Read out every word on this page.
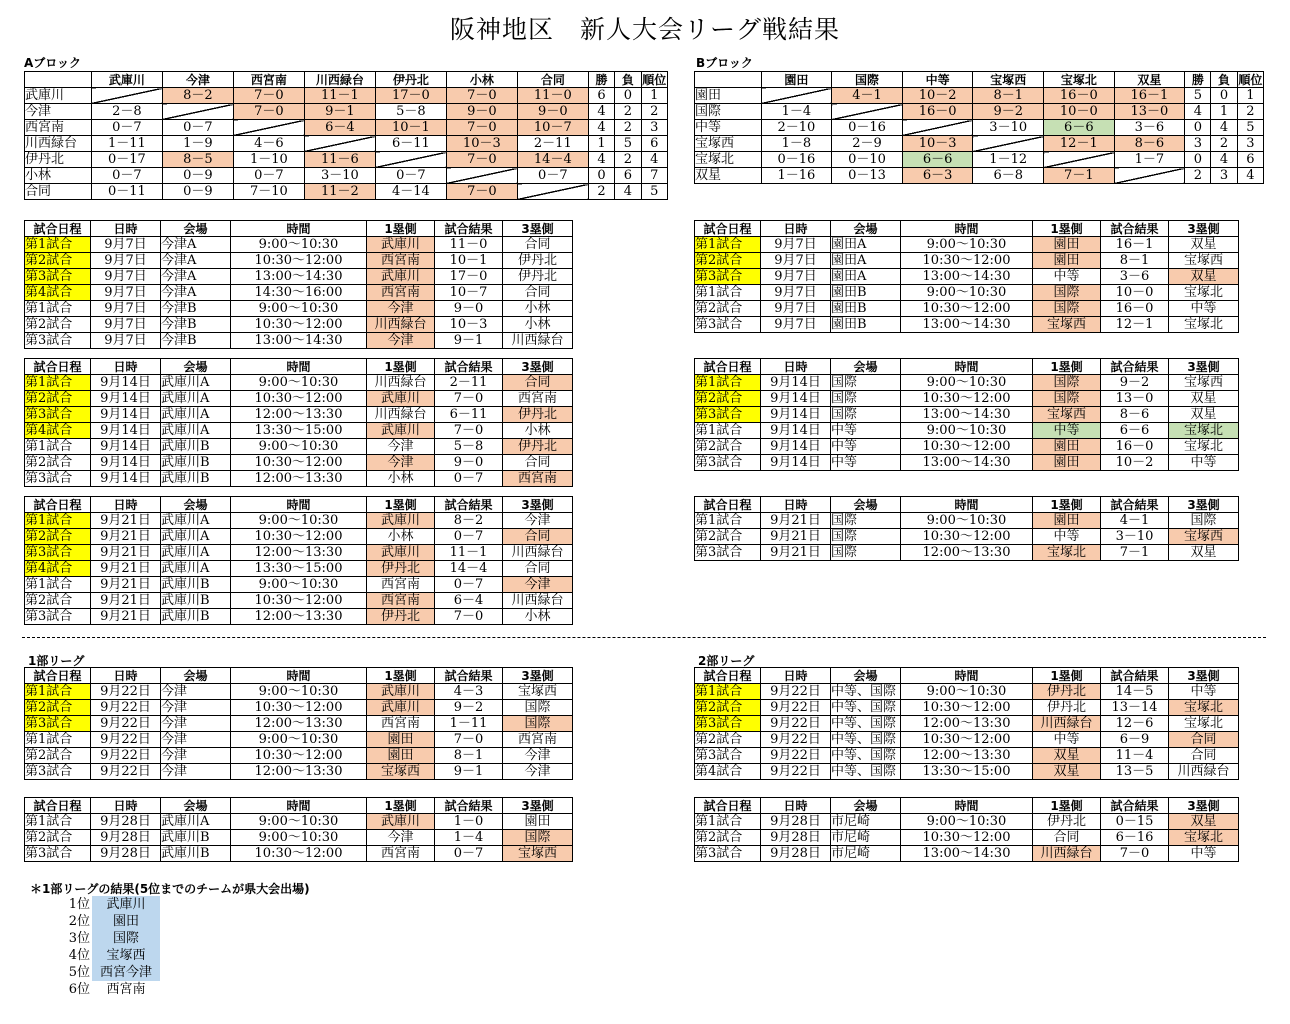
阪神地区　新人大会リーグ戦結果
Aブロック
	武庫川	今津	西宮南	川西緑台	伊丹北	小林	合同	勝	負	順位
武庫川		8－2	7－0	11－1	17－0	7－0	11－0	6	0	1
今津	2－8		7－0	9－1	5－8	9－0	9－0	4	2	2
西宮南	0－7	0－7		6－4	10－1	7－0	10－7	4	2	3
川西緑台	1－11	1－9	4－6		6－11	10－3	2－11	1	5	6
伊丹北	0－17	8－5	1－10	11－6		7－0	14－4	4	2	4
小林	0－7	0－9	0－7	3－10	0－7		0－7	0	6	7
合同	0－11	0－9	7－10	11－2	4－14	7－0		2	4	5
Bブロック
	園田	国際	中等	宝塚西	宝塚北	双星	勝	負	順位
園田		4－1	10－2	8－1	16－0	16－1	5	0	1
国際	1－4		16－0	9－2	10－0	13－0	4	1	2
中等	2－10	0－16		3－10	6－6	3－6	0	4	5
宝塚西	1－8	2－9	10－3		12－1	8－6	3	2	3
宝塚北	0－16	0－10	6－6	1－12		1－7	0	4	6
双星	1－16	0－13	6－3	6－8	7－1		2	3	4
試合日程	日時	会場	時間	1塁側	試合結果	3塁側
第1試合	9月7日	今津A	9:00～10:30	武庫川	11－0	合同
第2試合	9月7日	今津A	10:30～12:00	西宮南	10－1	伊丹北
第3試合	9月7日	今津A	13:00～14:30	武庫川	17－0	伊丹北
第4試合	9月7日	今津A	14:30～16:00	西宮南	10－7	合同
第1試合	9月7日	今津B	9:00～10:30	今津	9－0	小林
第2試合	9月7日	今津B	10:30～12:00	川西緑台	10－3	小林
第3試合	9月7日	今津B	13:00～14:30	今津	9－1	川西緑台
試合日程	日時	会場	時間	1塁側	試合結果	3塁側
第1試合	9月14日	武庫川A	9:00～10:30	川西緑台	2－11	合同
第2試合	9月14日	武庫川A	10:30～12:00	武庫川	7－0	西宮南
第3試合	9月14日	武庫川A	12:00～13:30	川西緑台	6－11	伊丹北
第4試合	9月14日	武庫川A	13:30～15:00	武庫川	7－0	小林
第1試合	9月14日	武庫川B	9:00～10:30	今津	5－8	伊丹北
第2試合	9月14日	武庫川B	10:30～12:00	今津	9－0	合同
第3試合	9月14日	武庫川B	12:00～13:30	小林	0－7	西宮南
試合日程	日時	会場	時間	1塁側	試合結果	3塁側
第1試合	9月21日	武庫川A	9:00～10:30	武庫川	8－2	今津
第2試合	9月21日	武庫川A	10:30～12:00	小林	0－7	合同
第3試合	9月21日	武庫川A	12:00～13:30	武庫川	11－1	川西緑台
第4試合	9月21日	武庫川A	13:30～15:00	伊丹北	14－4	合同
第1試合	9月21日	武庫川B	9:00～10:30	西宮南	0－7	今津
第2試合	9月21日	武庫川B	10:30～12:00	西宮南	6－4	川西緑台
第3試合	9月21日	武庫川B	12:00～13:30	伊丹北	7－0	小林
試合日程	日時	会場	時間	1塁側	試合結果	3塁側
第1試合	9月7日	園田A	9:00～10:30	園田	16－1	双星
第2試合	9月7日	園田A	10:30～12:00	園田	8－1	宝塚西
第3試合	9月7日	園田A	13:00～14:30	中等	3－6	双星
第1試合	9月7日	園田B	9:00～10:30	国際	10－0	宝塚北
第2試合	9月7日	園田B	10:30～12:00	国際	16－0	中等
第3試合	9月7日	園田B	13:00～14:30	宝塚西	12－1	宝塚北
試合日程	日時	会場	時間	1塁側	試合結果	3塁側
第1試合	9月14日	国際	9:00～10:30	国際	9－2	宝塚西
第2試合	9月14日	国際	10:30～12:00	国際	13－0	双星
第3試合	9月14日	国際	13:00～14:30	宝塚西	8－6	双星
第1試合	9月14日	中等	9:00～10:30	中等	6－6	宝塚北
第2試合	9月14日	中等	10:30～12:00	園田	16－0	宝塚北
第3試合	9月14日	中等	13:00～14:30	園田	10－2	中等
試合日程	日時	会場	時間	1塁側	試合結果	3塁側
第1試合	9月21日	国際	9:00～10:30	園田	4－1	国際
第2試合	9月21日	国際	10:30～12:00	中等	3－10	宝塚西
第3試合	9月21日	国際	12:00～13:30	宝塚北	7－1	双星
1部リーグ
試合日程	日時	会場	時間	1塁側	試合結果	3塁側
第1試合	9月22日	今津	9:00～10:30	武庫川	4－3	宝塚西
第2試合	9月22日	今津	10:30～12:00	武庫川	9－2	国際
第3試合	9月22日	今津	12:00～13:30	西宮南	1－11	国際
第1試合	9月22日	今津	9:00～10:30	園田	7－0	西宮南
第2試合	9月22日	今津	10:30～12:00	園田	8－1	今津
第3試合	9月22日	今津	12:00～13:30	宝塚西	9－1	今津
2部リーグ
試合日程	日時	会場	時間	1塁側	試合結果	3塁側
第1試合	9月22日	中等、国際	9:00～10:30	伊丹北	14－5	中等
第2試合	9月22日	中等、国際	10:30～12:00	伊丹北	13－14	宝塚北
第3試合	9月22日	中等、国際	12:00～13:30	川西緑台	12－6	宝塚北
第2試合	9月22日	中等、国際	10:30～12:00	中等	6－9	合同
第3試合	9月22日	中等、国際	12:00～13:30	双星	11－4	合同
第4試合	9月22日	中等、国際	13:30～15:00	双星	13－5	川西緑台
試合日程	日時	会場	時間	1塁側	試合結果	3塁側
第1試合	9月28日	武庫川A	9:00～10:30	武庫川	1－0	園田
第2試合	9月28日	武庫川B	9:00～10:30	今津	1－4	国際
第3試合	9月28日	武庫川B	10:30～12:00	西宮南	0－7	宝塚西
試合日程	日時	会場	時間	1塁側	試合結果	3塁側
第1試合	9月28日	市尼崎	9:00～10:30	伊丹北	0－15	双星
第2試合	9月28日	市尼崎	10:30～12:00	合同	6－16	宝塚北
第3試合	9月28日	市尼崎	13:00～14:30	川西緑台	7－0	中等
＊1部リーグの結果(5位までのチームが県大会出場)
1位	武庫川
2位	園田
3位	国際
4位	宝塚西
5位 西宮今津
6位	西宮南
